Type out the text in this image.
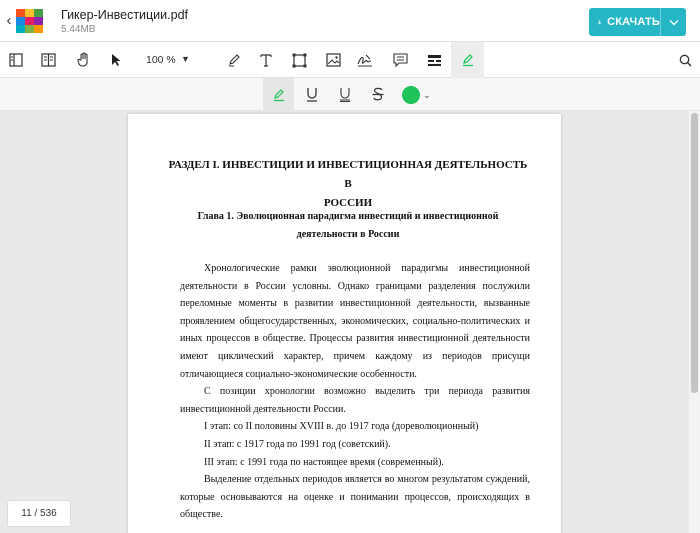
‹	Гикер-Инвестиции.pdf
5.44MB
СКАЧАТЬ
100 % ▼
⌄
РАЗДЕЛ I. ИНВЕСТИЦИИ И ИНВЕСТИЦИОННАЯ ДЕЯТЕЛЬНОСТЬ В
РОССИИ
Глава 1. Эволюционная парадигма инвестиций и инвестиционной
деятельности в России

Хронологические рамки эволюционной парадигмы инвестиционной деятельности в России условны. Однако границами разделения послужили переломные моменты в развитии инвестиционной деятельности, вызванные проявлением общегосударственных, экономических, социально-политических и иных процессов в обществе. Процессы развития инвестиционной деятельности имеют циклический характер, причем каждому из периодов присущи отличающиеся социально-экономические особенности.

С позиции хронологии возможно выделить три периода развития инвестиционной деятельности России.

I этап: со II половины XVIII в. до 1917 года (дореволюционный)

II этап: с 1917 года по 1991 год (советский).

III этап: с 1991 года по настоящее время (современный).

Выделение отдельных периодов является во многом результатом суждений, которые основываются на оценке и понимании процессов, происходящих в обществе.

11 / 536
